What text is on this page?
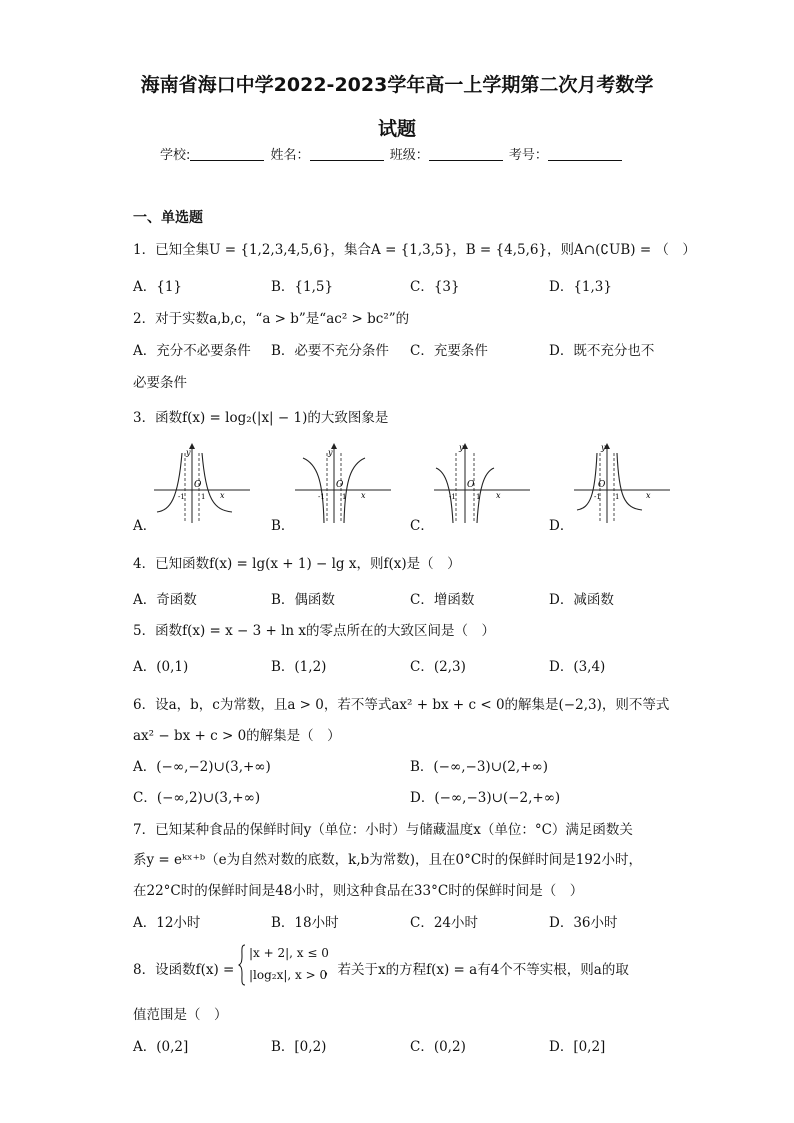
海南省海口中学2022-2023学年高一上学期第二次月考数学
试题
学校:	姓名：	班级：	考号：
一、单选题
1．已知全集U = {1,2,3,4,5,6}，集合A = {1,3,5}，B = {4,5,6}，则A∩(∁UB) = （　）
A．{1}	B．{1,5}	C．{3}	D．{1,3}
2．对于实数a,b,c，“a > b”是“ac² > bc²”的
A．充分不必要条件 B．必要不充分条件 C．充要条件	D．既不充分也不
必要条件
3．函数f(x) = log₂(|x| − 1)的大致图象是
y
O
-1 1 x
y
O
-1 1 x
y
O
-1	1 x
y
O
-1 1	x
A．	B．	C．	D．
4．已知函数f(x) = lg(x + 1) − lg x，则f(x)是（　）
A．奇函数	B．偶函数	C．增函数	D．减函数
5．函数f(x) = x − 3 + ln x的零点所在的大致区间是（　）
A．(0,1)	B．(1,2)	C．(2,3)	D．(3,4)
6．设a，b，c为常数，且a > 0，若不等式ax² + bx + c < 0的解集是(−2,3)，则不等式
ax² − bx + c > 0的解集是（　）
A．(−∞,−2)∪(3,+∞)	B．(−∞,−3)∪(2,+∞)
C．(−∞,2)∪(3,+∞)	D．(−∞,−3)∪(−2,+∞)
7．已知某种食品的保鲜时间y（单位：小时）与储藏温度x（单位：°C）满足函数关
系y = eᵏˣ⁺ᵇ（e为自然对数的底数，k,b为常数)，且在0°C时的保鲜时间是192小时，
在22°C时的保鲜时间是48小时，则这种食品在33°C时的保鲜时间是（　）
A．12小时	B．18小时	C．24小时	D．36小时
8．设函数f(x) =
|x + 2|, x ≤ 0
|log₂x|, x > 0
，若关于x的方程f(x) = a有4个不等实根，则a的取
值范围是（　）
A．(0,2]	B．[0,2)	C．(0,2)	D．[0,2]
